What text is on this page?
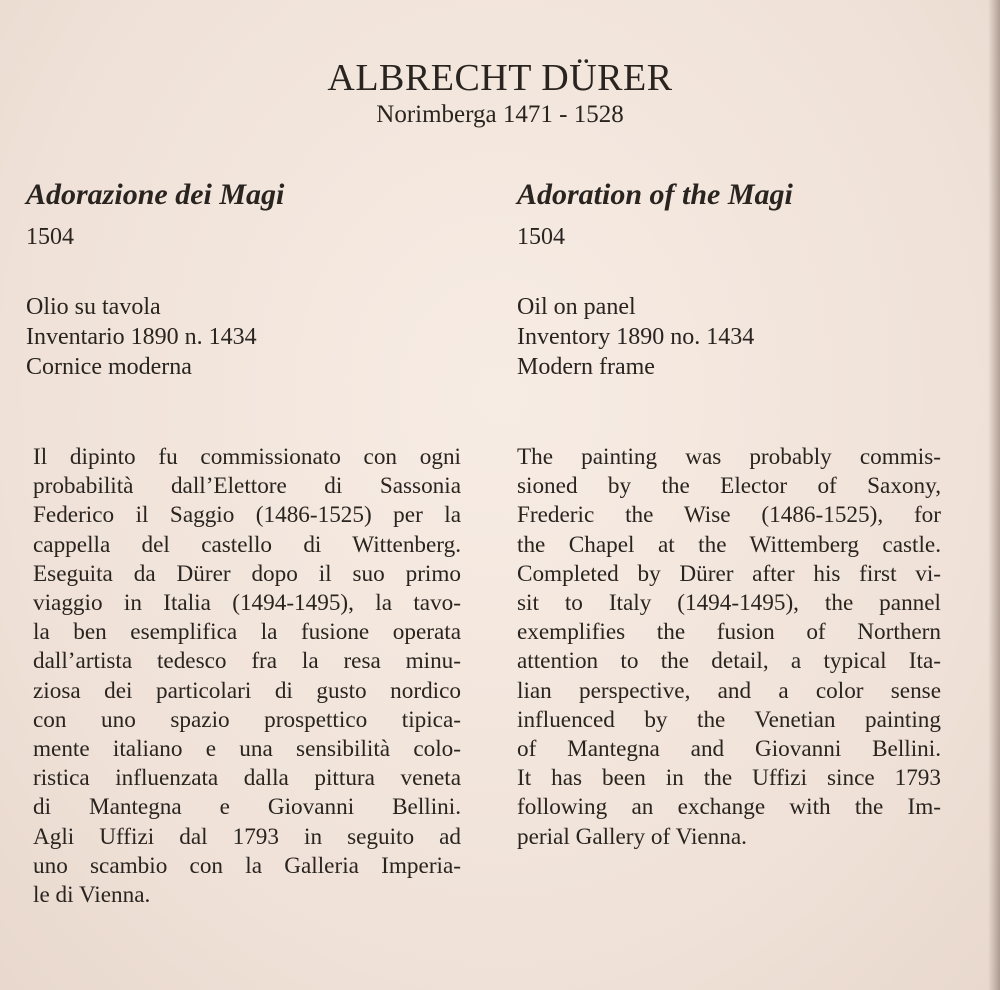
ALBRECHT DÜRER
Norimberga 1471 - 1528
Adorazione dei Magi
1504
Olio su tavola
Inventario 1890 n. 1434
Cornice moderna
Adoration of the Magi
1504
Oil on panel
Inventory 1890 no. 1434
Modern frame
Il dipinto fu commissionato con ogni
probabilità dall’Elettore di Sassonia
Federico il Saggio (1486-1525) per la
cappella del castello di Wittenberg.
Eseguita da Dürer dopo il suo primo
viaggio in Italia (1494-1495), la tavo-
la ben esemplifica la fusione operata
dall’artista tedesco fra la resa minu-
ziosa dei particolari di gusto nordico
con uno spazio prospettico tipica-
mente italiano e una sensibilità colo-
ristica influenzata dalla pittura veneta
di Mantegna e Giovanni Bellini.
Agli Uffizi dal 1793 in seguito ad
uno scambio con la Galleria Imperia-
le di Vienna.
The painting was probably commis-
sioned by the Elector of Saxony,
Frederic the Wise (1486-1525), for
the Chapel at the Wittemberg castle.
Completed by Dürer after his first vi-
sit to Italy (1494-1495), the pannel
exemplifies the fusion of Northern
attention to the detail, a typical Ita-
lian perspective, and a color sense
influenced by the Venetian painting
of Mantegna and Giovanni Bellini.
It has been in the Uffizi since 1793
following an exchange with the Im-
perial Gallery of Vienna.
